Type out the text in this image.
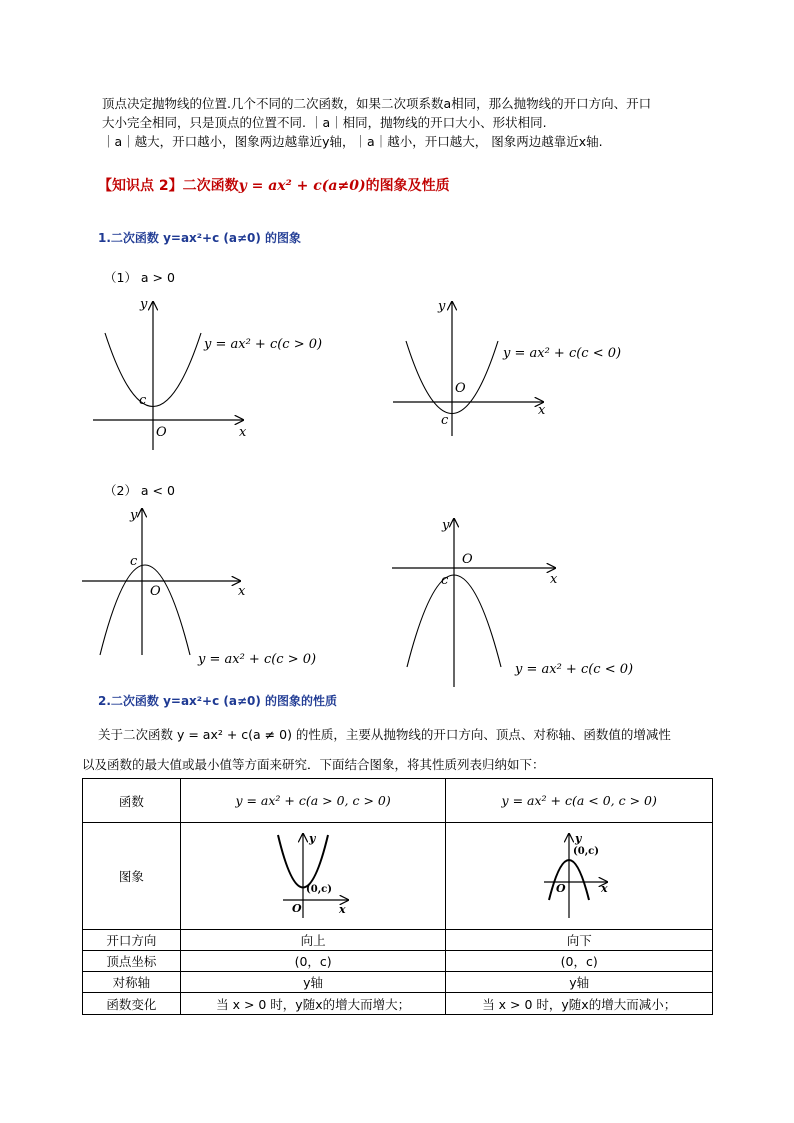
顶点决定抛物线的位置.几个不同的二次函数，如果二次项系数a相同，那么抛物线的开口方向、开口
大小完全相同，只是顶点的位置不同. ｜a｜相同，抛物线的开口大小、形状相同.
｜a｜越大，开口越小，图象两边越靠近y轴，｜a｜越小，开口越大， 图象两边越靠近x轴.
【知识点 2】二次函数y = ax² + c(a≠0)的图象及性质
1.二次函数 y=ax²+c (a≠0) 的图象
（1） a > 0
（2） a < 0
y
x
O
c
y = ax² + c(c > 0)
y
x
O
c
y = ax² + c(c < 0)
y
x
O
c
y = ax² + c(c > 0)
y
x
O
c
y = ax² + c(c < 0)
2.二次函数 y=ax²+c (a≠0) 的图象的性质
关于二次函数 y = ax² + c(a ≠ 0) 的性质，主要从抛物线的开口方向、顶点、对称轴、函数值的增减性
以及函数的最大值或最小值等方面来研究．下面结合图象，将其性质列表归纳如下：
函数	y = ax² + c(a > 0, c > 0)	y = ax² + c(a < 0, c > 0)
图象	y
x
O
(0,c)	y
x
O
(0,c)

开口方向	向上	向下
顶点坐标	(0，c)	(0，c)
对称轴	y轴	y轴
函数变化	当 x > 0 时，y随x的增大而增大；	当 x > 0 时，y随x的增大而减小；
